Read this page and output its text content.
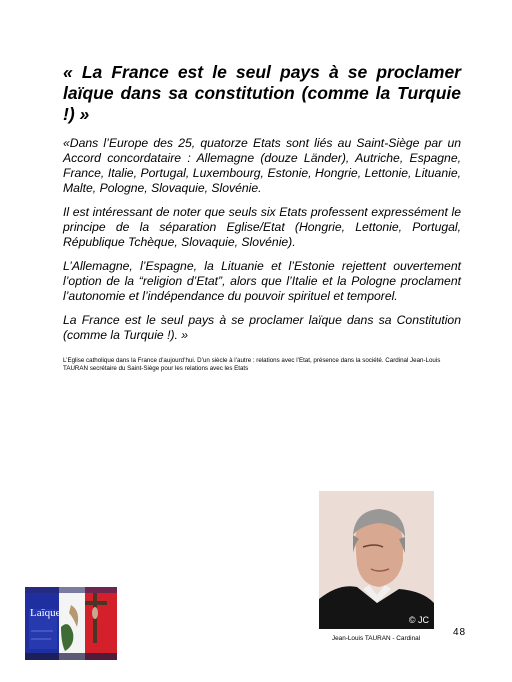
« La France est le seul pays à se proclamer laïque dans sa constitution (comme la Turquie !) »

«Dans l’Europe des 25, quatorze Etats sont liés au Saint-Siège par un Accord concordataire : Allemagne (douze Länder), Autriche, Espagne, France, Italie, Portugal, Luxembourg, Estonie, Hongrie, Lettonie, Lituanie, Malte, Pologne, Slovaquie, Slovénie.

Il est intéressant de noter que seuls six Etats professent expressément le principe de la séparation Eglise/Etat (Hongrie, Lettonie, Portugal, République Tchèque, Slovaquie, Slovénie).

L’Allemagne, l’Espagne, la Lituanie et l’Estonie rejettent ouvertement l’option de la “religion d’Etat”, alors que l’Italie et la Pologne proclament l’autonomie et l’indépendance du pouvoir spirituel et temporel.

La France est le seul pays à se proclamer laïque dans sa Constitution (comme la Turquie !). »

L’Eglise catholique dans la France d’aujourd’hui. D’un siècle à l’autre : relations avec l’Etat, présence dans la société. Cardinal Jean-Louis TAURAN secrétaire du Saint-Siège pour les relations avec les Etats
Laïque
© JC
Jean-Louis TAURAN - Cardinal
48
